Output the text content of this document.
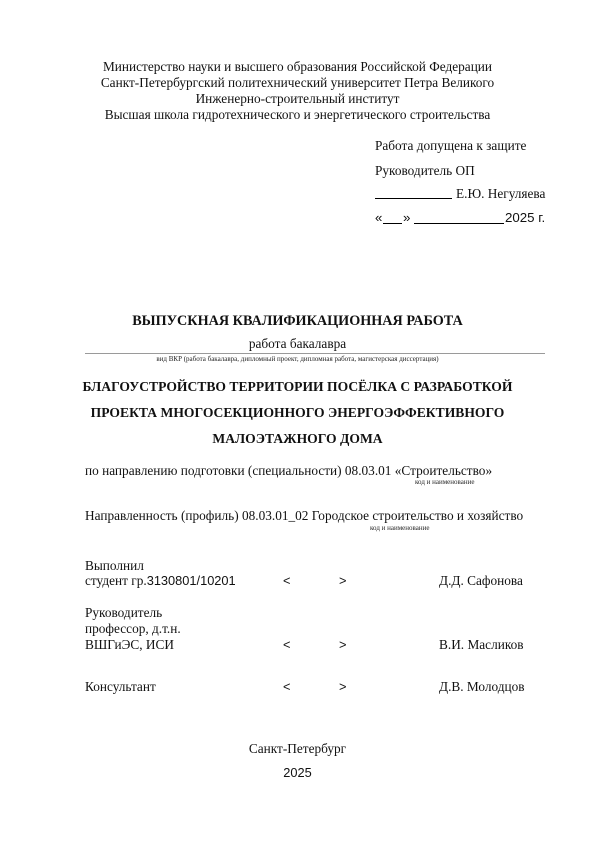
Министерство науки и высшего образования Российской Федерации
Санкт-Петербургский политехнический университет Петра Великого
Инженерно-строительный институт
Высшая школа гидротехнического и энергетического строительства
Работа допущена к защите
Руководитель ОП
Е.Ю. Негуляева
« »	2025 г.
ВЫПУСКНАЯ КВАЛИФИКАЦИОННАЯ РАБОТА
работа бакалавра
вид ВКР (работа бакалавра, дипломный проект, дипломная работа, магистерская диссертация)
БЛАГОУСТРОЙСТВО ТЕРРИТОРИИ ПОСЁЛКА С РАЗРАБОТКОЙ
ПРОЕКТА МНОГОСЕКЦИОННОГО ЭНЕРГОЭФФЕКТИВНОГО
МАЛОЭТАЖНОГО ДОМА
по направлению подготовки (специальности) 08.03.01 «Строительство»
код и наименование
Направленность (профиль) 08.03.01_02 Городское строительство и хозяйство
код и наименование
Выполнил
студент гр.3130801/10201	<	>	Д.Д. Сафонова
Руководитель
профессор, д.т.н.
ВШГиЭС, ИСИ	<	>	В.И. Масликов
Консультант	<	>	Д.В. Молодцов
Санкт-Петербург
2025
